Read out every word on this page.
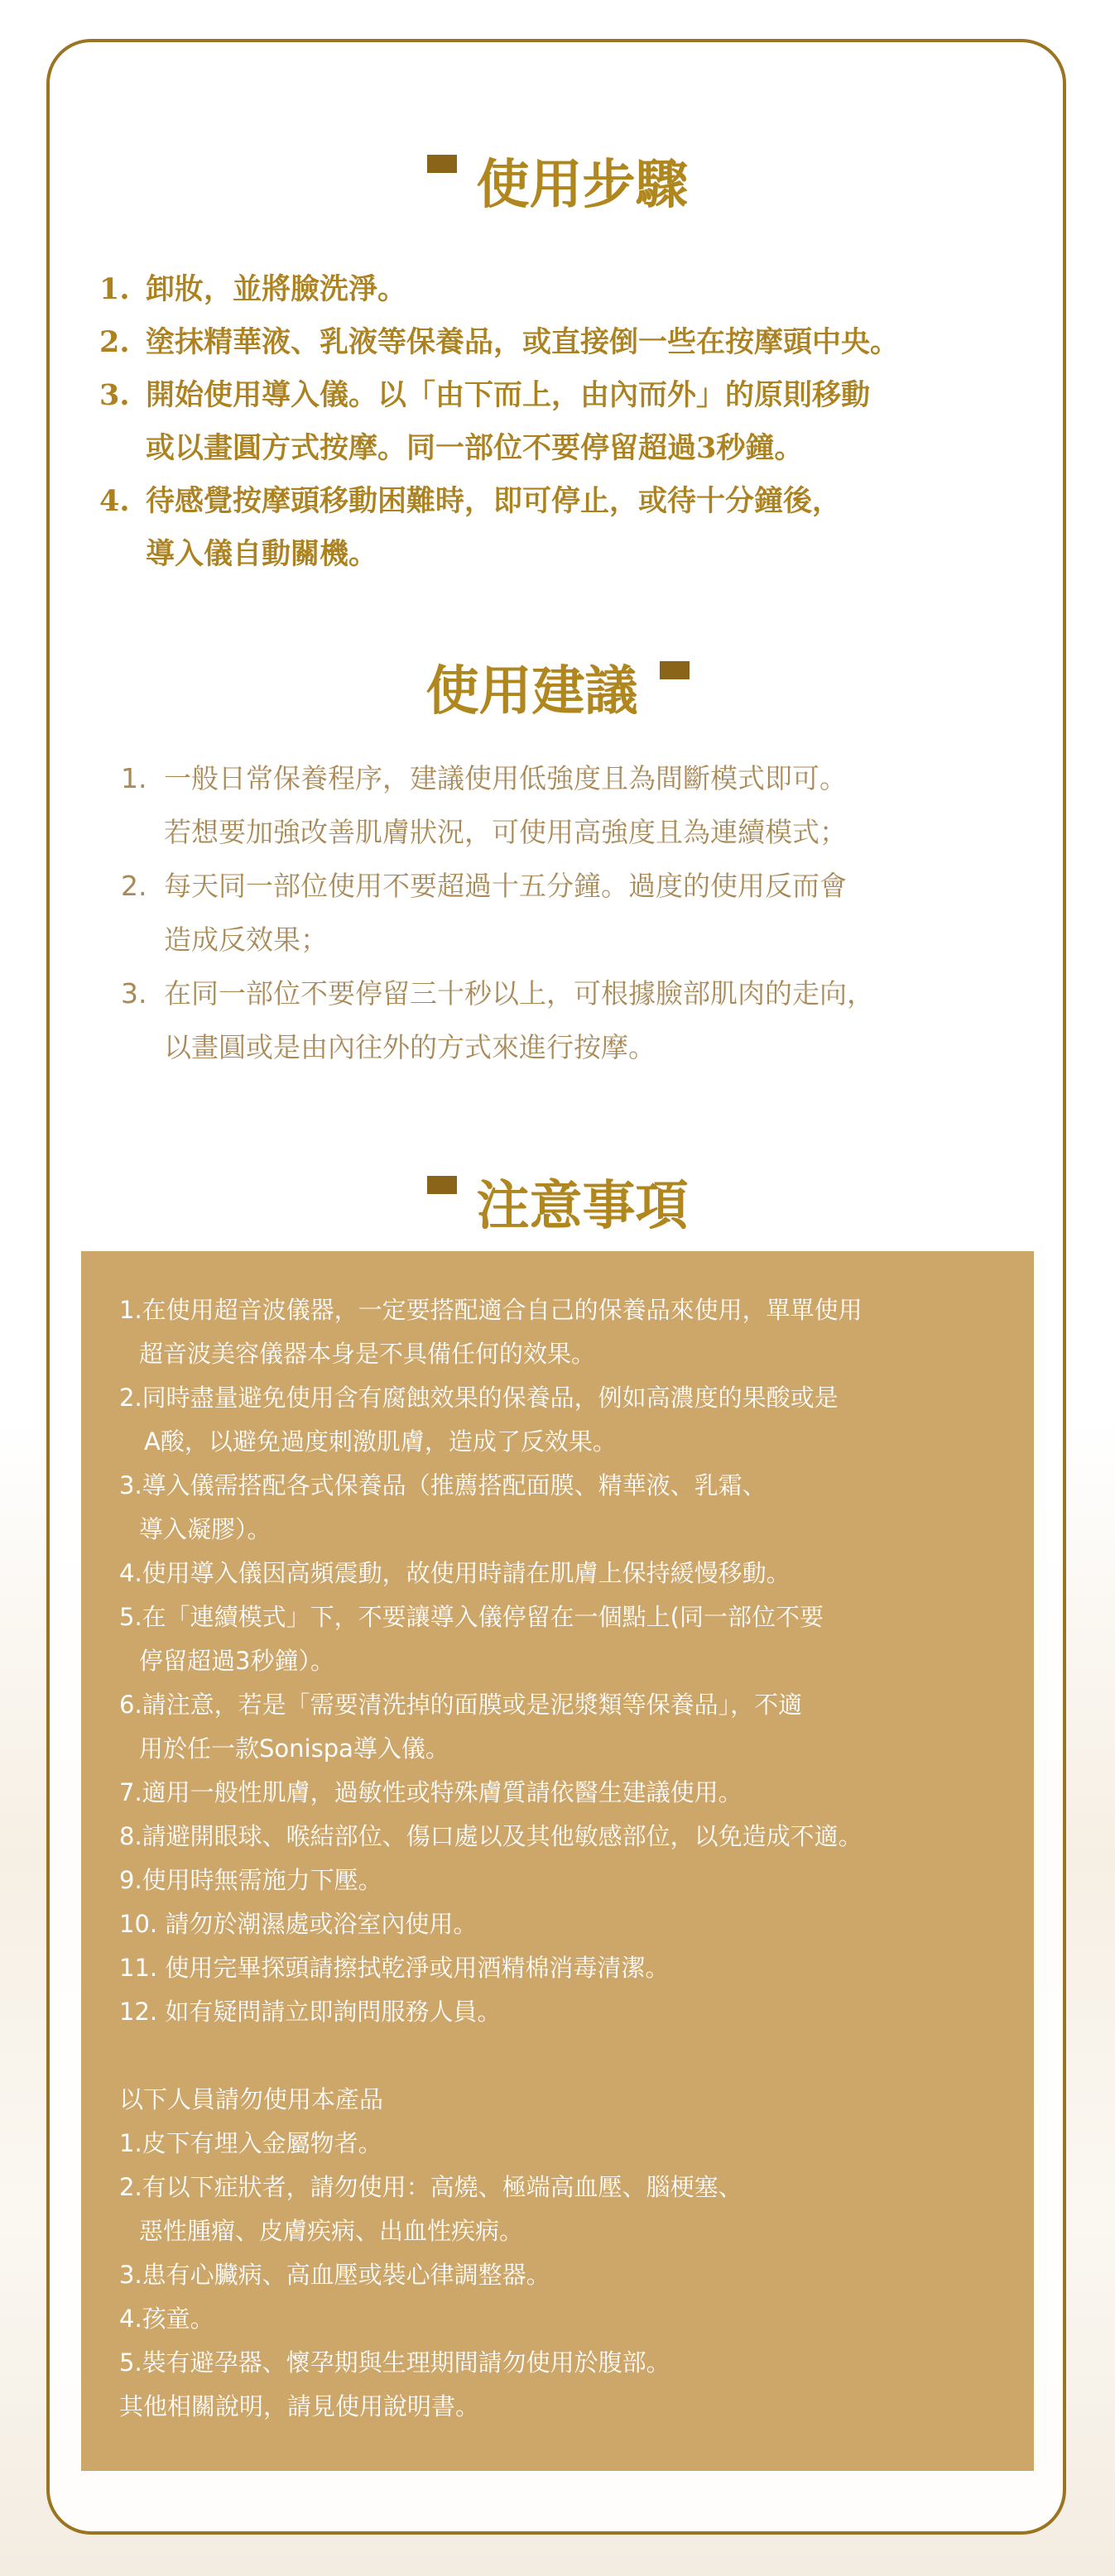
使用步驟
1. 卸妝，並將臉洗淨。
2. 塗抹精華液、乳液等保養品，或直接倒一些在按摩頭中央。
3. 開始使用導入儀。以「由下而上，由內而外」的原則移動
或以畫圓方式按摩。同一部位不要停留超過3秒鐘。
4. 待感覺按摩頭移動困難時，即可停止，或待十分鐘後，
導入儀自動關機。
使用建議
1. 一般日常保養程序，建議使用低強度且為間斷模式即可。
若想要加強改善肌膚狀況，可使用高強度且為連續模式；
2. 每天同一部位使用不要超過十五分鐘。過度的使用反而會
造成反效果；
3. 在同一部位不要停留三十秒以上，可根據臉部肌肉的走向，
以畫圓或是由內往外的方式來進行按摩。
注意事項
1.在使用超音波儀器，一定要搭配適合自己的保養品來使用，單單使用
超音波美容儀器本身是不具備任何的效果。
2.同時盡量避免使用含有腐蝕效果的保養品，例如高濃度的果酸或是
A酸，以避免過度刺激肌膚，造成了反效果。
3.導入儀需搭配各式保養品（推薦搭配面膜、精華液、乳霜、
導入凝膠）。
4.使用導入儀因高頻震動，故使用時請在肌膚上保持緩慢移動。
5.在「連續模式」下，不要讓導入儀停留在一個點上(同一部位不要
停留超過3秒鐘）。
6.請注意，若是「需要清洗掉的面膜或是泥漿類等保養品」，不適
用於任一款Sonispa導入儀。
7.適用一般性肌膚，過敏性或特殊膚質請依醫生建議使用。
8.請避開眼球、喉結部位、傷口處以及其他敏感部位，以免造成不適。
9.使用時無需施力下壓。
10. 請勿於潮濕處或浴室內使用。
11. 使用完畢探頭請擦拭乾淨或用酒精棉消毒清潔。
12. 如有疑問請立即詢問服務人員。
以下人員請勿使用本產品
1.皮下有埋入金屬物者。
2.有以下症狀者，請勿使用：高燒、極端高血壓、腦梗塞、
惡性腫瘤、皮膚疾病、出血性疾病。
3.患有心臟病、高血壓或裝心律調整器。
4.孩童。
5.裝有避孕器、懷孕期與生理期間請勿使用於腹部。
其他相關說明，請見使用說明書。
